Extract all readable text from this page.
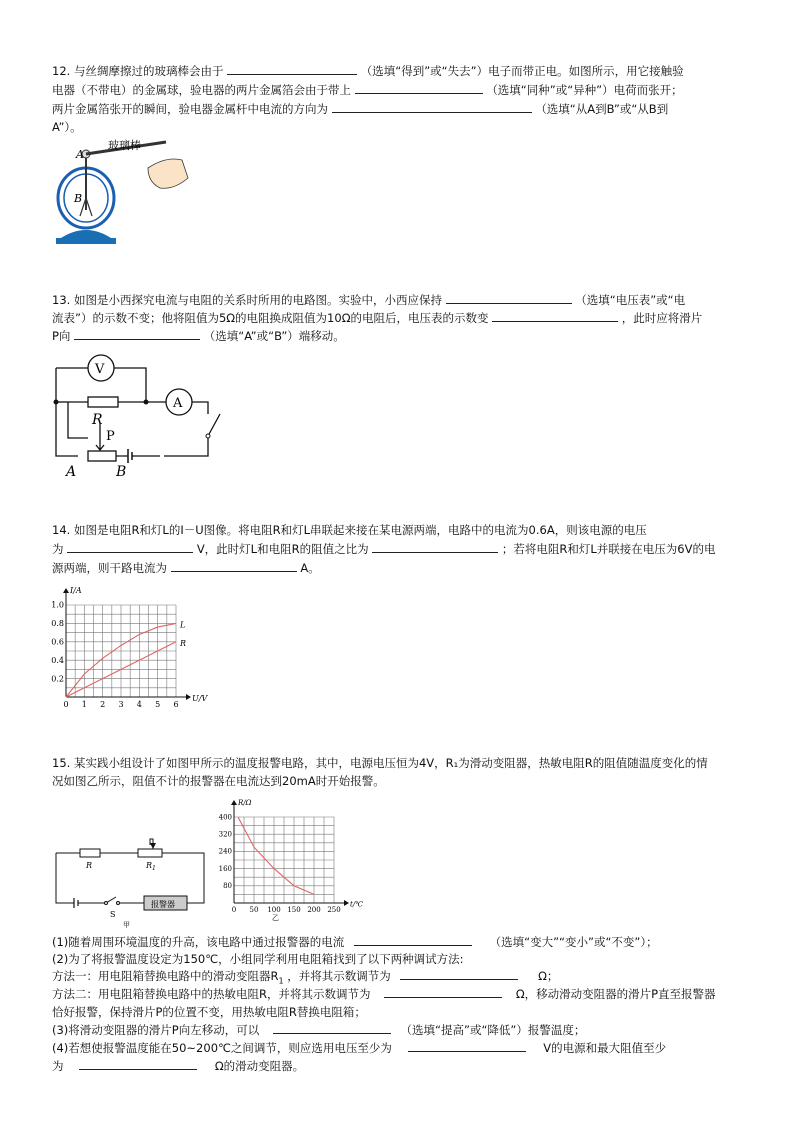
12. 与丝绸摩擦过的玻璃棒会由于	（选填“得到”或“失去”）电子而带正电。如图所示，用它接触验
电器（不带电）的金属球，验电器的两片金属箔会由于带上	（选填“同种”或“异种”）电荷而张开；
两片金属箔张开的瞬间，验电器金属杆中电流的方向为	（选填“从A到B”或“从B到
A”）。
A
B
玻璃棒
13. 如图是小西探究电流与电阻的关系时所用的电路图。实验中，小西应保持	（选填“电压表”或“电
流表”）的示数不变；他将阻值为5Ω的电阻换成阻值为10Ω的电阻后，电压表的示数变	，此时应将滑片
P向	（选填“A”或“B”）端移动。
V
A
R
P
A	B
14. 如图是电阻R和灯L的I－U图像。将电阻R和灯L串联起来接在某电源两端，电路中的电流为0.6A，则该电源的电压
为	V，此时灯L和电阻R的阻值之比为	；若将电阻R和灯L并联接在电压为6V的电
源两端，则干路电流为	A。
0 1 2 3 4 5 6
0.2
0.4
0.6
0.8
1.0
U/V
I/A
L
R
15. 某实践小组设计了如图甲所示的温度报警电路，其中，电源电压恒为4V，R₁为滑动变阻器，热敏电阻R的阻值随温度变化的情
况如图乙所示，阻值不计的报警器在电流达到20mA时开始报警。
报警器
R	$R_1$
S
甲
0 50 100 150 200 250
80
160
240
320
400
t/℃
R/Ω
乙
(1)随着周围环境温度的升高，该电路中通过报警器的电流	（选填“变大”“变小”或“不变”）；
(2)为了将报警温度设定为150℃，小组同学利用电阻箱找到了以下两种调试方法:
方法一：用电阻箱替换电路中的滑动变阻器$R_1$ ，并将其示数调节为	Ω；
方法二：用电阻箱替换电路中的热敏电阻R，并将其示数调节为	Ω，移动滑动变阻器的滑片P直至报警器
恰好报警，保持滑片P的位置不变，用热敏电阻R替换电阻箱；
(3)将滑动变阻器的滑片P向左移动，可以	（选填“提高”或“降低”）报警温度；
(4)若想使报警温度能在50~200℃之间调节，则应选用电压至少为	V的电源和最大阻值至少
为	Ω的滑动变阻器。
